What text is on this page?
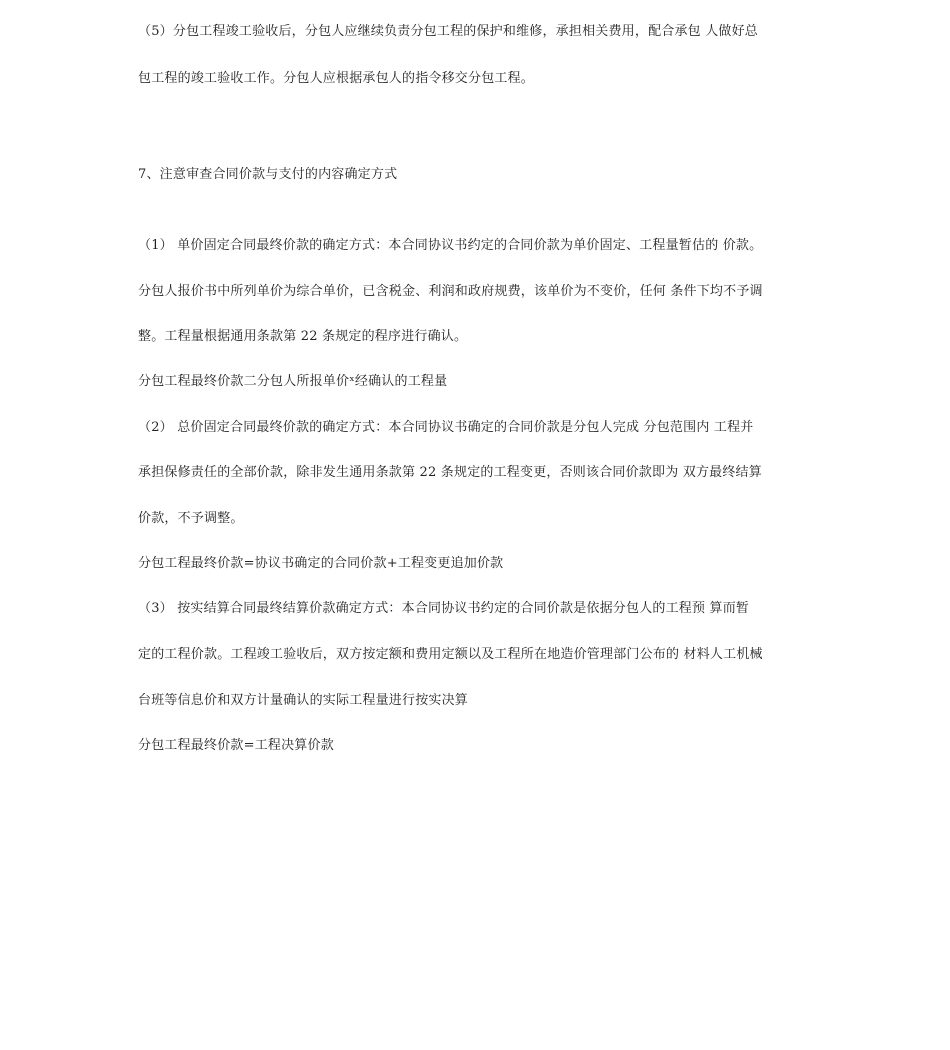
（5）分包工程竣工验收后，分包人应继续负责分包工程的保护和维修，承担相关费用，配合承包 人做好总
包工程的竣工验收工作。分包人应根据承包人的指令移交分包工程。
7、注意审查合同价款与支付的内容确定方式
（1） 单价固定合同最终价款的确定方式：本合同协议书约定的合同价款为单价固定、工程量暂估的 价款。
分包人报价书中所列单价为综合单价，已含税金、利润和政府规费，该单价为不变价，任何 条件下均不予调
整。工程量根据通用条款第 22 条规定的程序进行确认。
分包工程最终价款二分包人所报单价ˣ经确认的工程量
（2） 总价固定合同最终价款的确定方式：本合同协议书确定的合同价款是分包人完成 分包范围内 工程并
承担保修责任的全部价款，除非发生通用条款第 22 条规定的工程变更，否则该合同价款即为 双方最终结算
价款，不予调整。
分包工程最终价款=协议书确定的合同价款+工程变更追加价款
（3） 按实结算合同最终结算价款确定方式：本合同协议书约定的合同价款是依据分包人的工程预 算而暂
定的工程价款。工程竣工验收后，双方按定额和费用定额以及工程所在地造价管理部门公布的 材料人工机械
台班等信息价和双方计量确认的实际工程量进行按实决算
分包工程最终价款=工程决算价款
